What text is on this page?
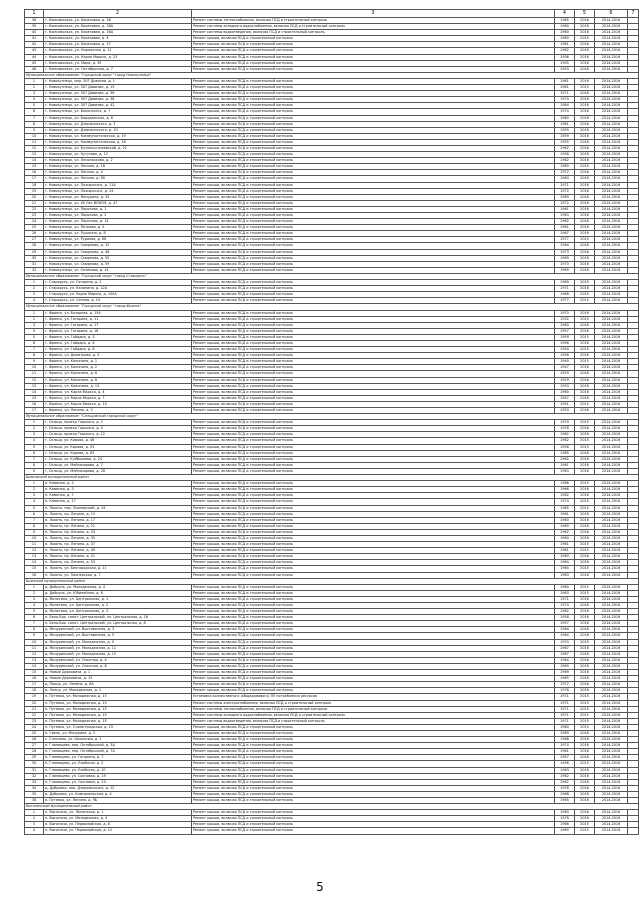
1	2	3	4	5	6	7
38	г. Комсомольск, ул. Березовая, д. 38	Ремонт системы теплоснабжения, включая ПСД и строительный контроль	1965	2016	2014-2016	
39	г. Комсомольск, ул. Березовая, д. 38А	Ремонт системы холодного водоснабжения, включая ПСД и строительный контроль	1960	2016	2014-2016	
40	г. Комсомольск, ул. Березовая, д. 38А	Ремонт системы водоотведения, включая ПСД и строительный контроль	1960	2016	2014-2016	
41	г. Комсомольск, ул. Березовая, д. 4	Ремонт крыши, включая ПСД и строительный контроль	1960	2015	2014-2016	
42	г. Комсомольск, ул. Березовая, д. 37	Ремонт крыши, включая ПСД и строительный контроль	1961	2016	2014-2016	
43	г. Комсомольск, ул. Кирпичная, д. 11	Ремонт крыши, включая ПСД и строительный контроль	1962	2016	2014-2016	
44	г. Комсомольск, ул. Карла Маркса, д. 23	Ремонт крыши, включая ПСД и строительный контроль	1936	2016	2014-2016	
45	г. Комсомольск, ул. Мира, д. 35	Ремонт крыши, включая ПСД и строительный контроль	1955	2016	2014-2016	
46	г. Комсомольск, ул. Октябрьская, д. 7	Ремонт крыши, включая ПСД и строительный контроль	1953	2016	2014-2016	
Муниципальное образование: "Городской округ "город Новокузнецк"						
1	г. Новокузнецк, мкр. 307 Дивизии, д. 1	Ремонт крыши, включая ПСД и строительный контроль	1961	2016	2014-2016	
2	г. Новокузнецк, ул. 307 Дивизии, д. 19	Ремонт крыши, включая ПСД и строительный контроль	1961	2015	2014-2016	
3	г. Новокузнецк, ул. 307 Дивизии, д. 36	Ремонт крыши, включая ПСД и строительный контроль	1971	2016	2014-2016	
4	г. Новокузнецк, ул. 307 Дивизии, д. 38	Ремонт крыши, включая ПСД и строительный контроль	1970	2016	2014-2016	
5	г. Новокузнецк, ул. 307 Дивизии, д. 42	Ремонт крыши, включая ПСД и строительный контроль	1984	2016	2014-2016	
6	г. Новокузнецк, ул. Белинского, д. 7	Ремонт крыши, включая ПСД и строительный контроль	1974	2016	2014-2016	
7	г. Новокузнецк, ул. Бородинская, д. 6	Ремонт крыши, включая ПСД и строительный контроль	1960	2016	2014-2016	
8	г. Новокузнецк, ул. Дзержинского, д. 3	Ремонт крыши, включая ПСД и строительный контроль	1961	2016	2014-2016	
9	г. Новокузнецк, ул. Дзержинского, д. 10	Ремонт крыши, включая ПСД и строительный контроль	1959	2016	2014-2016	
10	г. Новокузнецк, ул. Коммунистическая, д. 19	Ремонт крыши, включая ПСД и строительный контроль	1959	2016	2014-2016	
11	г. Новокузнецк, ул. Коммунистическая, д. 26	Ремонт крыши, включая ПСД и строительный контроль	1955	2016	2014-2016	
12	г. Новокузнецк, ул. Кузнецкстроевский, д. 21	Ремонт крыши, включая ПСД и строительный контроль	1962	2016	2014-2016	
13	г. Новокузнецк, ул. Кутузова, д. 12	Ремонт крыши, включая ПСД и строительный контроль	1956	2016	2014-2016	
14	г. Новокузнецк, ул. Лесопаркова, д. 2	Ремонт крыши, включая ПСД и строительный контроль	1962	2016	2014-2016	
15	г. Новокузнецк, ул. Ленина, д. 18	Ремонт крыши, включая ПСД и строительный контроль	1960	2015	2014-2016	
16	г. Новокузнецк, ул. Ленина, д. 4	Ремонт крыши, включая ПСД и строительный контроль	1972	2016	2014-2016	
17	г. Новокузнецк, ул. Ленина, д. 60	Ремонт крыши, включая ПСД и строительный контроль	1960	2016	2014-2016	
18	г. Новокузнецк, ул. Пожарского, д. 11А	Ремонт крыши, включая ПСД и строительный контроль	1971	2016	2014-2016	
19	г. Новокузнецк, ул. Пожарского, д. 24	Ремонт крыши, включая ПСД и строительный контроль	1972	2016	2014-2016	
20	г. Новокузнецк, ул. Мичурина, д. 35	Ремонт крыши, включая ПСД и строительный контроль	1969	2016	2014-2016	
21	г. Новокузнецк, ул. 40 Лет ВЛКСМ, д. 47	Ремонт крыши, включая ПСД и строительный контроль	1972	2016	2014-2016	
22	г. Новокузнецк, ул. Пирогова, д. 1	Ремонт крыши, включая ПСД и строительный контроль	1961	2016	2014-2016	
23	г. Новокузнецк, ул. Пирогова, д. 2	Ремонт крыши, включая ПСД и строительный контроль	1963	2016	2014-2016	
24	г. Новокузнецк, ул. Пирогова, д. 14	Ремонт крыши, включая ПСД и строительный контроль	1962	2016	2014-2016	
25	г. Новокузнецк, ул. Петрова, д. 5	Ремонт крыши, включая ПСД и строительный контроль	1961	2016	2014-2016	
26	г. Новокузнецк, ул. Пушкина, д. 8	Ремонт крыши, включая ПСД и строительный контроль	1967	2016	2014-2016	
27	г. Новокузнецк, ул. Рудаева, д. 66	Ремонт крыши, включая ПСД и строительный контроль	1977	2015	2014-2016	
28	г. Новокузнецк, ул. Смирнова, д. 15	Ремонт крыши, включая ПСД и строительный контроль	1964	2016	2014-2016	
29	г. Новокузнецк, ул. Смирнова, д. 46	Ремонт крыши, включая ПСД и строительный контроль	1973	2016	2014-2016	
30	г. Новокузнецк, ул. Смирнова, д. 55	Ремонт крыши, включая ПСД и строительный контроль	1969	2016	2014-2016	
31	г. Новокузнецк, ул. Смирнова, д. 59	Ремонт крыши, включая ПСД и строительный контроль	1970	2016	2014-2016	
32	г. Новокузнецк, ул. Сеченова, д. 14	Ремонт крыши, включая ПСД и строительный контроль	1969	2016	2014-2016	
Муниципальное образование: "Городской округ "город Старорусь"						
1	г. Старорусь, ул. Гагарина, д. 2	Ремонт крыши, включая ПСД и строительный контроль	1969	2015	2014-2016	
2	г. Старорусь, ул. Калинина, д. 12А	Ремонт крыши, включая ПСД и строительный контроль	1971	2016	2014-2016	
3	г. Старорусь, ул. Карла Маркса, д. 100А	Ремонт крыши, включая ПСД и строительный контроль	1968	2015	2014-2016	
4	г. Старорусь, ул. Сенная, д. 19	Ремонт крыши, включая ПСД и строительный контроль	1977	2015	2014-2016	
Муниципальное образование: "Городской округ "город Фрянск"						
1	г. Фрянск, ул. Базарная, д. 15А	Ремонт крыши, включая ПСД и строительный контроль	1970	2016	2014-2016	
2	г. Фрянск, ул. Гагарина, д. 11	Ремонт крыши, включая ПСД и строительный контроль	1932	2015	2014-2016	
3	г. Фрянск, ул. Гагарина, д. 17	Ремонт крыши, включая ПСД и строительный контроль	1960	2016	2014-2016	
4	г. Фрянск, ул. Гагарина, д. 18	Ремонт крыши, включая ПСД и строительный контроль	1957	2016	2014-2016	
5	г. Фрянск, ул. Гайдара, д. 3	Ремонт крыши, включая ПСД и строительный контроль	1959	2015	2014-2016	
6	г. Фрянск, ул. Гайдара, д. 6	Ремонт крыши, включая ПСД и строительный контроль	1956	2016	2014-2016	
7	г. Фрянск, ул. Гайдара, д. 8	Ремонт крыши, включая ПСД и строительный контроль	1954	2015	2014-2016	
8	г. Фрянск, ул. Димитрова, д. 5	Ремонт крыши, включая ПСД и строительный контроль	1956	2016	2014-2016	
9	г. Фрянск, ул. Калинина, д. 1	Ремонт крыши, включая ПСД и строительный контроль	1949	2015	2014-2016	
10	г. Фрянск, ул. Калинина, д. 2	Ремонт крыши, включая ПСД и строительный контроль	1947	2016	2014-2016	
11	г. Фрянск, ул. Калинина, д. 6	Ремонт крыши, включая ПСД и строительный контроль	1929	2016	2014-2016	
12	г. Фрянск, ул. Калинина, д. 8	Ремонт крыши, включая ПСД и строительный контроль	1929	2016	2014-2016	
13	г. Фрянск, ул. Калинина, д. 13	Ремонт крыши, включая ПСД и строительный контроль	1953	2016	2014-2016	
14	г. Фрянск, ул. Карла Маркса, д. 4	Ремонт крыши, включая ПСД и строительный контроль	1960	2016	2014-2016	
15	г. Фрянск, ул. Карла Маркса, д. 7	Ремонт крыши, включая ПСД и строительный контроль	1957	2016	2014-2016	
16	г. Фрянск, ул. Карла Маркса, д. 10	Ремонт крыши, включая ПСД и строительный контроль	1951	2015	2014-2016	
17	г. Фрянск, ул. Ленина, д. 2	Ремонт крыши, включая ПСД и строительный контроль	1953	2016	2014-2016	
Муниципальное образование: "Сельцовский городской округ"						
1	г. Сельцо, проезд Горького, д. 2	Ремонт крыши, включая ПСД и строительный контроль	1970	2015	2014-2016	
2	г. Сельцо, проезд Горького, д. 5	Ремонт крыши, включая ПСД и строительный контроль	1978	2016	2014-2016	
3	г. Сельцо, проезд Горького, д. 12	Ремонт крыши, включая ПСД и строительный контроль	1962	2016	2014-2016	
4	г. Сельцо, ул. Кирова, д. 46	Ремонт крыши, включая ПСД и строительный контроль	1962	2015	2014-2016	
5	г. Сельцо, ул. Кирова, д. 53	Ремонт крыши, включая ПСД и строительный контроль	1958	2015	2014-2016	
6	г. Сельцо, ул. Кирова, д. 63	Ремонт крыши, включая ПСД и строительный контроль	1965	2016	2014-2016	
7	г. Сельцо, ул. Куйбышева, д. 24	Ремонт крыши, включая ПСД и строительный контроль	1962	2016	2014-2016	
8	г. Сельцо, ул. Мейпазарова, д. 7	Ремонт крыши, включая ПСД и строительный контроль	1961	2016	2014-2016	
9	г. Сельцо, ул. Мейпазарова, д. 28	Ремонт крыши, включая ПСД и строительный контроль	1963	2016	2014-2016	
Брасовский муниципальный район						
1	п. Каменка, д. 2	Ремонт крыши, включая ПСД и строительный контроль	1966	2015	2014-2016	
2	п. Каменка, д. 3	Ремонт крыши, включая ПСД и строительный контроль	1966	2016	2014-2016	
3	п. Каменка, д. 7	Ремонт крыши, включая ПСД и строительный контроль	1962	2016	2014-2016	
4	п. Каменка, д. 17	Ремонт крыши, включая ПСД и строительный контроль	1970	2015	2014-2016	
5	п. Локоть, пер. Пионерский, д. 34	Ремонт крыши, включая ПСД и строительный контроль	1965	2015	2014-2016	
6	п. Локоть, пр. Ленина, д. 15	Ремонт крыши, включая ПСД и строительный контроль	1961	2016	2014-2016	
7	п. Локоть, пр. Ленина, д. 17	Ремонт крыши, включая ПСД и строительный контроль	1960	2016	2014-2016	
8	п. Локоть, пр. Ленина, д. 21	Ремонт крыши, включая ПСД и строительный контроль	1969	2016	2014-2016	
9	п. Локоть, пр. Ленина, д. 33	Ремонт крыши, включая ПСД и строительный контроль	1962	2016	2014-2016	
10	п. Локоть, пр. Ленина, д. 35	Ремонт крыши, включая ПСД и строительный контроль	1960	2016	2014-2016	
11	п. Локоть, пр. Ленина, д. 37	Ремонт крыши, включая ПСД и строительный контроль	1961	2015	2014-2016	
12	п. Локоть, пр. Ленина, д. 49	Ремонт крыши, включая ПСД и строительный контроль	1961	2015	2014-2016	
13	п. Локоть, пр. Ленина, д. 51	Ремонт крыши, включая ПСД и строительный контроль	1960	2016	2014-2016	
14	п. Локоть, пр. Ленина, д. 53	Ремонт крыши, включая ПСД и строительный контроль	1964	2016	2014-2016	
15	п. Локоть, ул. Белгородская, д. 11	Ремонт крыши, включая ПСД и строительный контроль	1964	2015	2014-2016	
16	п. Локоть, ул. Пионерская, д. 7	Ремонт крыши, включая ПСД и строительный контроль	1963	2016	2014-2016	
Брянский муниципальный район						
1	д. Добрунь, ул. Молодежная, д. 4	Ремонт крыши, включая ПСД и строительный контроль	1984	2015	2014-2016	
2	д. Добрунь, ул. Юбилейная, д. 6	Ремонт крыши, включая ПСД и строительный контроль	1983	2015	2014-2016	
3	д. Молотино, ул. Центральная, д. 1	Ремонт крыши, включая ПСД и строительный контроль	1971	2016	2014-2016	
4	д. Молотино, ул. Центральная, д. 2	Ремонт крыши, включая ПСД и строительный контроль	1970	2016	2014-2016	
5	д. Молотино, ул. Центральная, д. 3	Ремонт крыши, включая ПСД и строительный контроль	1982	2016	2014-2016	
6	п. Бело-Бор. санат. Центральный, пл. Центральная, д. 16	Ремонт крыши, включая ПСД и строительный контроль	1958	2016	2014-2016	
7	п. Бело-Бор. санат. Центральный, ул. Центральная, д. 8	Ремонт крыши, включая ПСД и строительный контроль	1957	2016	2014-2016	
8	д. Мичуринский, ул. Выставочная, д. 3	Ремонт крыши, включая ПСД и строительный контроль	1964	2016	2014-2016	
9	д. Мичуринский, ул. Выставочная, д. 5	Ремонт крыши, включая ПСД и строительный контроль	1964	2016	2014-2016	
10	д. Мичуринский, ул. Молодежная, д. 9	Ремонт крыши, включая ПСД и строительный контроль	1974	2015	2014-2016	
11	д. Мичуринский, ул. Молодежная, д. 11	Ремонт крыши, включая ПСД и строительный контроль	1967	2016	2014-2016	
12	д. Мичуринский, ул. Молодежная, д. 15	Ремонт крыши, включая ПСД и строительный контроль	1967	2016	2014-2016	
13	д. Мичуринский, ул. Опытная, д. 4	Ремонт крыши, включая ПСД и строительный контроль	1964	2016	2014-2016	
14	д. Мичуринский, ул. Опытная, д. 8	Ремонт крыши, включая ПСД и строительный контроль	1969	2016	2014-2016	
15	д. Новые Дарковичи, д. 1	Ремонт крыши, включая ПСД и строительный контроль	1969	2016	2014-2016	
16	д. Новые Дарковичи, д. 15	Ремонт крыши, включая ПСД и строительный контроль	1965	2016	2014-2016	
17	д. Палцо, ул. Ленина, д. 8А	Ремонт крыши, включая ПСД и строительный контроль	1972	2016	2014-2016	
18	д. Палцо, ул. Молодежная, д. 1	Ремонт крыши, включая ПСД и строительный контроль	1976	2016	2014-2016	
19	п. Путевка, ул. Молодежная, д. 15	Установка коллективного (общедомового) ПУ потребления ресурсов	1971	2015	2014-2016	
20	п. Путевка, ул. Молодежная, д. 15	Ремонт системы электроснабжения, включая ПСД и строительный контроль	1971	2015	2014-2016	
21	п. Путевка, ул. Молодежная, д. 15	Ремонт системы теплоснабжения, включая ПСД и строительный контроль	1971	2015	2014-2016	
22	п. Путевка, ул. Молодежная, д. 15	Ремонт системы холодного водоснабжения, включая ПСД и строительный контроль	1971	2015	2014-2016	
23	п. Путевка, ул. Молодежная, д. 15	Ремонт системы водоотведения, включая ПСД и строительный контроль	1971	2015	2014-2016	
24	п. Путевка, ул. Сталинградская, д. 19	Ремонт крыши, включая ПСД и строительный контроль	1980	2015	2014-2016	
25	п. Свень, ул. Мичурина, д. 5	Ремонт крыши, включая ПСД и строительный контроль	1969	2016	2014-2016	
26	с. Стеклянь, ул. Школьная, д. 1	Ремонт крыши, включая ПСД и строительный контроль	1968	2016	2014-2016	
27	п. Глинищево, пер. Октябрьский, д. 3А	Ремонт крыши, включая ПСД и строительный контроль	1974	2016	2014-2016	
28	п. Глинищево, пер. Октябрьский, д. 7А	Ремонт крыши, включая ПСД и строительный контроль	1961	2016	2014-2016	
29	п. Глинищево, ул. Гагарина, д. 7	Ремонт крыши, включая ПСД и строительный контроль	1957	2016	2014-2016	
30	п. Глинищево, ул. Елобская, д. 2	Ремонт крыши, включая ПСД и строительный контроль	1956	2015	2014-2016	
31	п. Глинищево, ул. Елобская, д. 10	Ремонт крыши, включая ПСД и строительный контроль	1963	2016	2014-2016	
32	п. Глинищево, ул. Сосновая, д. 19	Ремонт крыши, включая ПСД и строительный контроль	1962	2016	2014-2016	
33	п. Глинищево, ул. Сосновая, д. 20	Ремонт крыши, включая ПСД и строительный контроль	1962	2016	2014-2016	
34	д. Дубровка, пер. Дзержинского, д. 12	Ремонт крыши, включая ПСД и строительный контроль	1976	2016	2014-2016	
35	д. Дубровка, ул. Комсомольская, д. 4	Ремонт крыши, включая ПСД и строительный контроль	1968	2016	2014-2016	
36	п. Путевка, ул. Ленина, д. 9Б	Ремонт крыши, включая ПСД и строительный контроль	1965	2016	2014-2016	
Выгоничский муниципальный район						
1	п. Выгоничи, ул. Ленинская, д. 1	Ремонт крыши, включая ПСД и строительный контроль	1960	2016	2014-2016	
2	п. Выгоничи, ул. Молодежная, д. 4	Ремонт крыши, включая ПСД и строительный контроль	1978	2016	2014-2016	
3	п. Выгоничи, ул. Первомайская, д. 8	Ремонт крыши, включая ПСД и строительный контроль	1966	2015	2014-2016	
4	п. Выгоничи, ул. Первомайская, д. 12	Ремонт крыши, включая ПСД и строительный контроль	1969	2015	2014-2016	
5
